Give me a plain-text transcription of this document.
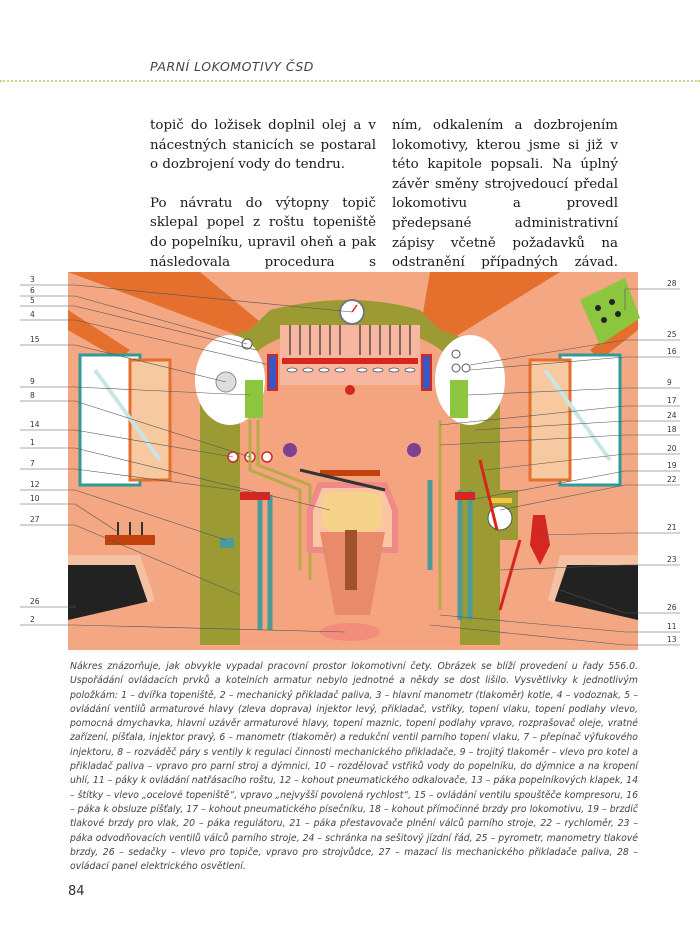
PARNÍ LOKOMOTIVY ČSD

topič do ložisek doplnil olej a v nácestných stanicích se postaral o dozbrojení vody do tendru.

Po návratu do výtopny topič sklepal popel z roštu topeniště do popelníku, upravil oheň a pak následovala procedura s

ním, odkalením a dozbrojením lokomotivy, kterou jsme si již v této kapitole popsali. Na úplný závěr směny strojvedoucí předal lokomotivu a provedl předepsané administrativní zápisy včetně požadavků na odstranění případných závad.

3
6
5
4
15
9
8
14
1
7
12
10
27
26
2
28
25
16
9
17
24
18
20
19
22
21
23
26
11
13
Nákres znázorňuje, jak obvykle vypadal pracovní prostor lokomotivní čety. Obrázek se blíží provedení u řady 556.0. Uspořádání ovládacích prvků a kotelních armatur nebylo jednotné a někdy se dost lišilo. Vysvětlivky k jednotlivým položkám: 1 – dvířka topeniště, 2 – mechanický přikladač paliva, 3 – hlavní manometr (tlakoměr) kotle, 4 – vodoznak, 5 – ovládání ventilů armaturové hlavy (zleva doprava) injektor levý, přikladač, vstřiky, topení vlaku, topení podlahy vlevo, pomocná dmychavka, hlavní uzávěr armaturové hlavy, topení maznic, topení podlahy vpravo, rozprašovač oleje, vratné zařízení, píšťala, injektor pravý, 6 – manometr (tlakoměr) a redukční ventil parního topení vlaku, 7 – přepínač výfukového injektoru, 8 – rozváděč páry s ventily k regulaci činnosti mechanického přikladače, 9 – trojitý tlakoměr – vlevo pro kotel a přikladač paliva – vpravo pro parní stroj a dýmnici, 10 – rozdělovač vstřiků vody do popelníku, do dýmnice a na kropení uhlí, 11 – páky k ovládání natřásacího roštu, 12 – kohout pneumatického odkalovače, 13 – páka popelníkových klapek, 14 – štítky – vlevo „ocelové topeniště“, vpravo „nejvyšší povolená rychlost“, 15 – ovládání ventilu spouštěče kompresoru, 16 – páka k obsluze píšťaly, 17 – kohout pneumatického písečníku, 18 – kohout přímočinné brzdy pro lokomotivu, 19 – brzdič tlakové brzdy pro vlak, 20 – páka regulátoru, 21 – páka přestavovače plnění válců parního stroje, 22 – rychloměr, 23 – páka odvodňovacích ventilů válců parního stroje, 24 – schránka na sešitový jízdní řád, 25 – pyrometr, manometry tlakové brzdy, 26 – sedačky – vlevo pro topiče, vpravo pro strojvůdce, 27 – mazací lis mechanického přikladače paliva, 28 – ovládací panel elektrického osvětlení.
84
